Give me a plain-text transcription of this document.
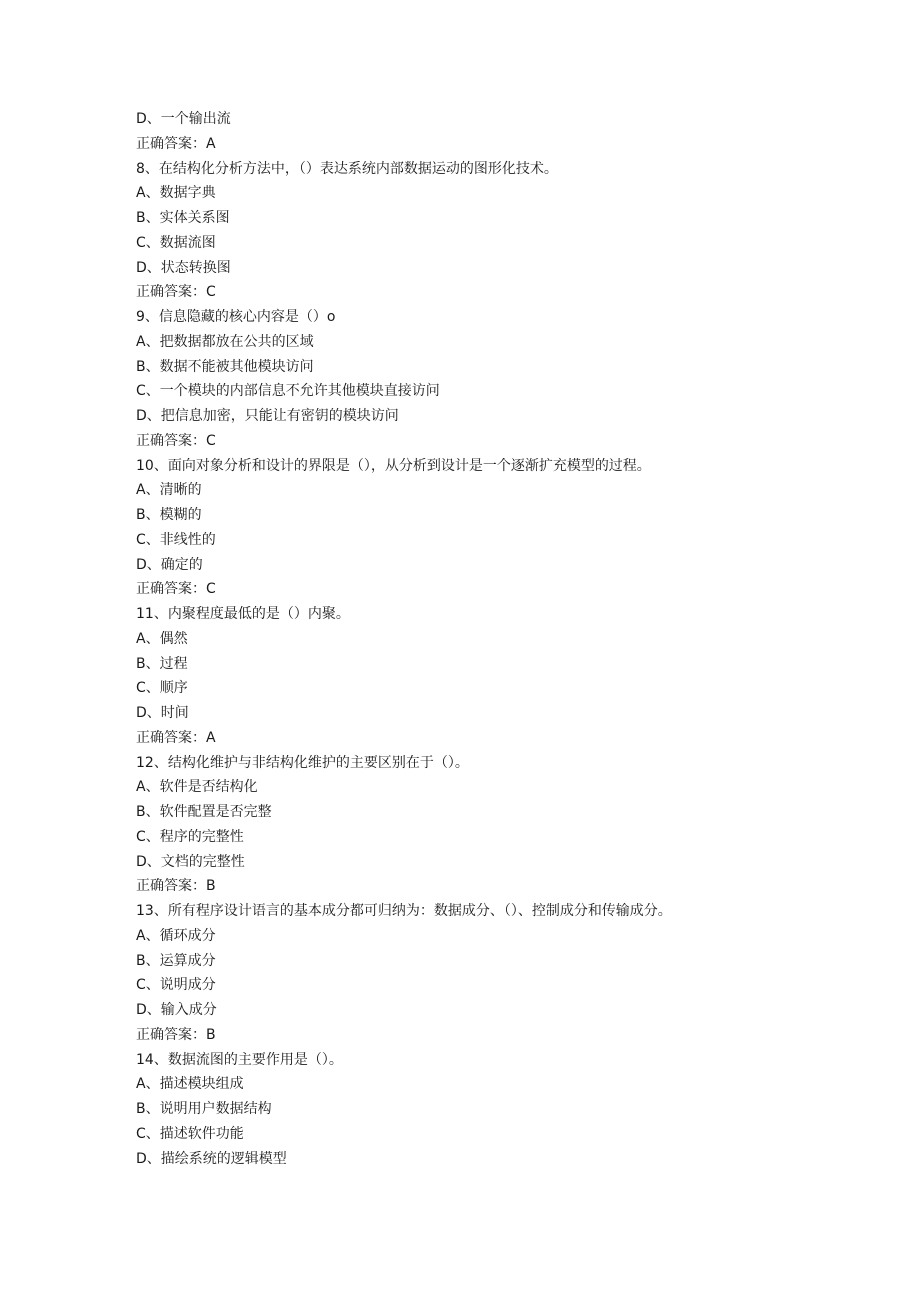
D、一个输出流
正确答案：A
8、在结构化分析方法中，（）表达系统内部数据运动的图形化技术。
A、数据字典
B、实体关系图
C、数据流图
D、状态转换图
正确答案：C
9、信息隐藏的核心内容是（）o
A、把数据都放在公共的区域
B、数据不能被其他模块访问
C、一个模块的内部信息不允许其他模块直接访问
D、把信息加密，只能让有密钥的模块访问
正确答案：C
10、面向对象分析和设计的界限是（），从分析到设计是一个逐渐扩充模型的过程。
A、清晰的
B、模糊的
C、非线性的
D、确定的
正确答案：C
11、内聚程度最低的是（）内聚。
A、偶然
B、过程
C、顺序
D、时间
正确答案：A
12、结构化维护与非结构化维护的主要区别在于（）。
A、软件是否结构化
B、软件配置是否完整
C、程序的完整性
D、文档的完整性
正确答案：B
13、所有程序设计语言的基本成分都可归纳为：数据成分、（）、控制成分和传输成分。
A、循环成分
B、运算成分
C、说明成分
D、输入成分
正确答案：B
14、数据流图的主要作用是（）。
A、描述模块组成
B、说明用户数据结构
C、描述软件功能
D、描绘系统的逻辑模型
